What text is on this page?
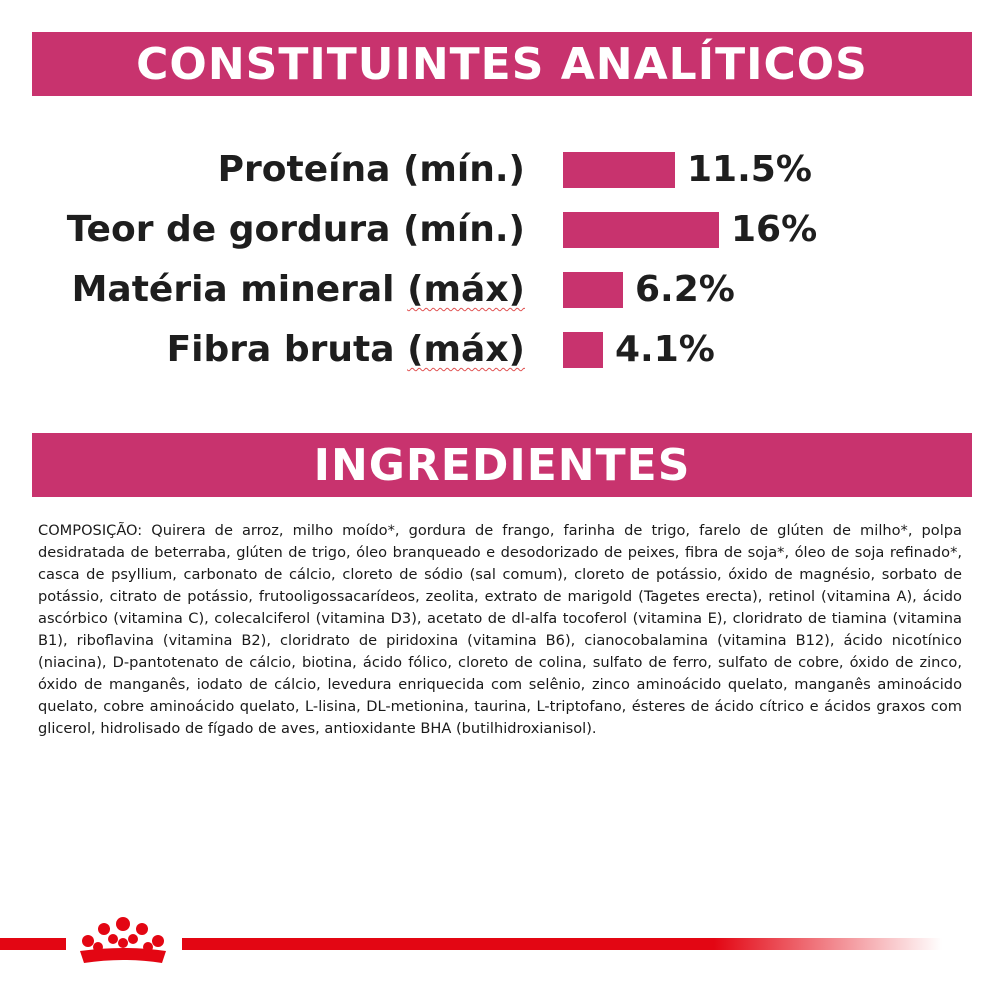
CONSTITUINTES ANALÍTICOS
Proteína (mín.)	11.5%
Teor de gordura (mín.)	16%
Matéria mineral (máx)	6.2%
Fibra bruta (máx)	4.1%
INGREDIENTES

COMPOSIÇÃO: Quirera de arroz, milho moído*, gordura de frango, farinha de trigo, farelo de glúten de milho*, polpa desidratada de beterraba, glúten de trigo, óleo branqueado e desodorizado de peixes, fibra de soja*, óleo de soja refinado*, casca de psyllium, carbonato de cálcio, cloreto de sódio (sal comum), cloreto de potássio, óxido de magnésio, sorbato de potássio, citrato de potássio, frutooligossacarídeos, zeolita, extrato de marigold (Tagetes erecta), retinol (vitamina A), ácido ascórbico (vitamina C), colecalciferol (vitamina D3), acetato de dl-alfa tocoferol (vitamina E), cloridrato de tiamina (vitamina B1), riboflavina (vitamina B2), cloridrato de piridoxina (vitamina B6), cianocobalamina (vitamina B12), ácido nicotínico (niacina), D-pantotenato de cálcio, biotina, ácido fólico, cloreto de colina, sulfato de ferro, sulfato de cobre, óxido de zinco, óxido de manganês, iodato de cálcio, levedura enriquecida com selênio, zinco aminoácido quelato, manganês aminoácido quelato, cobre aminoácido quelato, L-lisina, DL-metionina, taurina, L-triptofano, ésteres de ácido cítrico e ácidos graxos com glicerol, hidrolisado de fígado de aves, antioxidante BHA (butilhidroxianisol).
